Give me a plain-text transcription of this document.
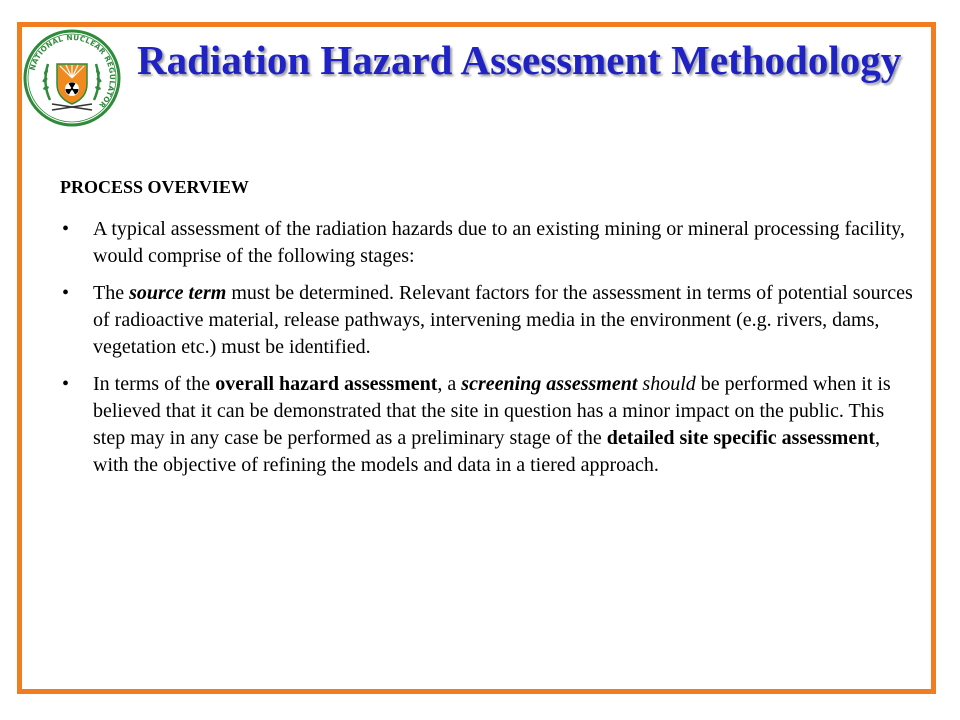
NATIONAL NUCLEAR REGULATOR
Radiation Hazard Assessment Methodology
PROCESS OVERVIEW
• A typical assessment of the radiation hazards due to an existing mining or mineral processing facility, would comprise of the following stages:
• The source term must be determined. Relevant factors for the assessment in terms of potential sources of radioactive material, release pathways, intervening media in the environment (e.g. rivers, dams, vegetation etc.) must be identified.
• In terms of the overall hazard assessment, a screening assessment should be performed when it is believed that it can be demonstrated that the site in question has a minor impact on the public. This step may in any case be performed as a preliminary stage of the detailed site specific assessment, with the objective of refining the models and data in a tiered approach.
